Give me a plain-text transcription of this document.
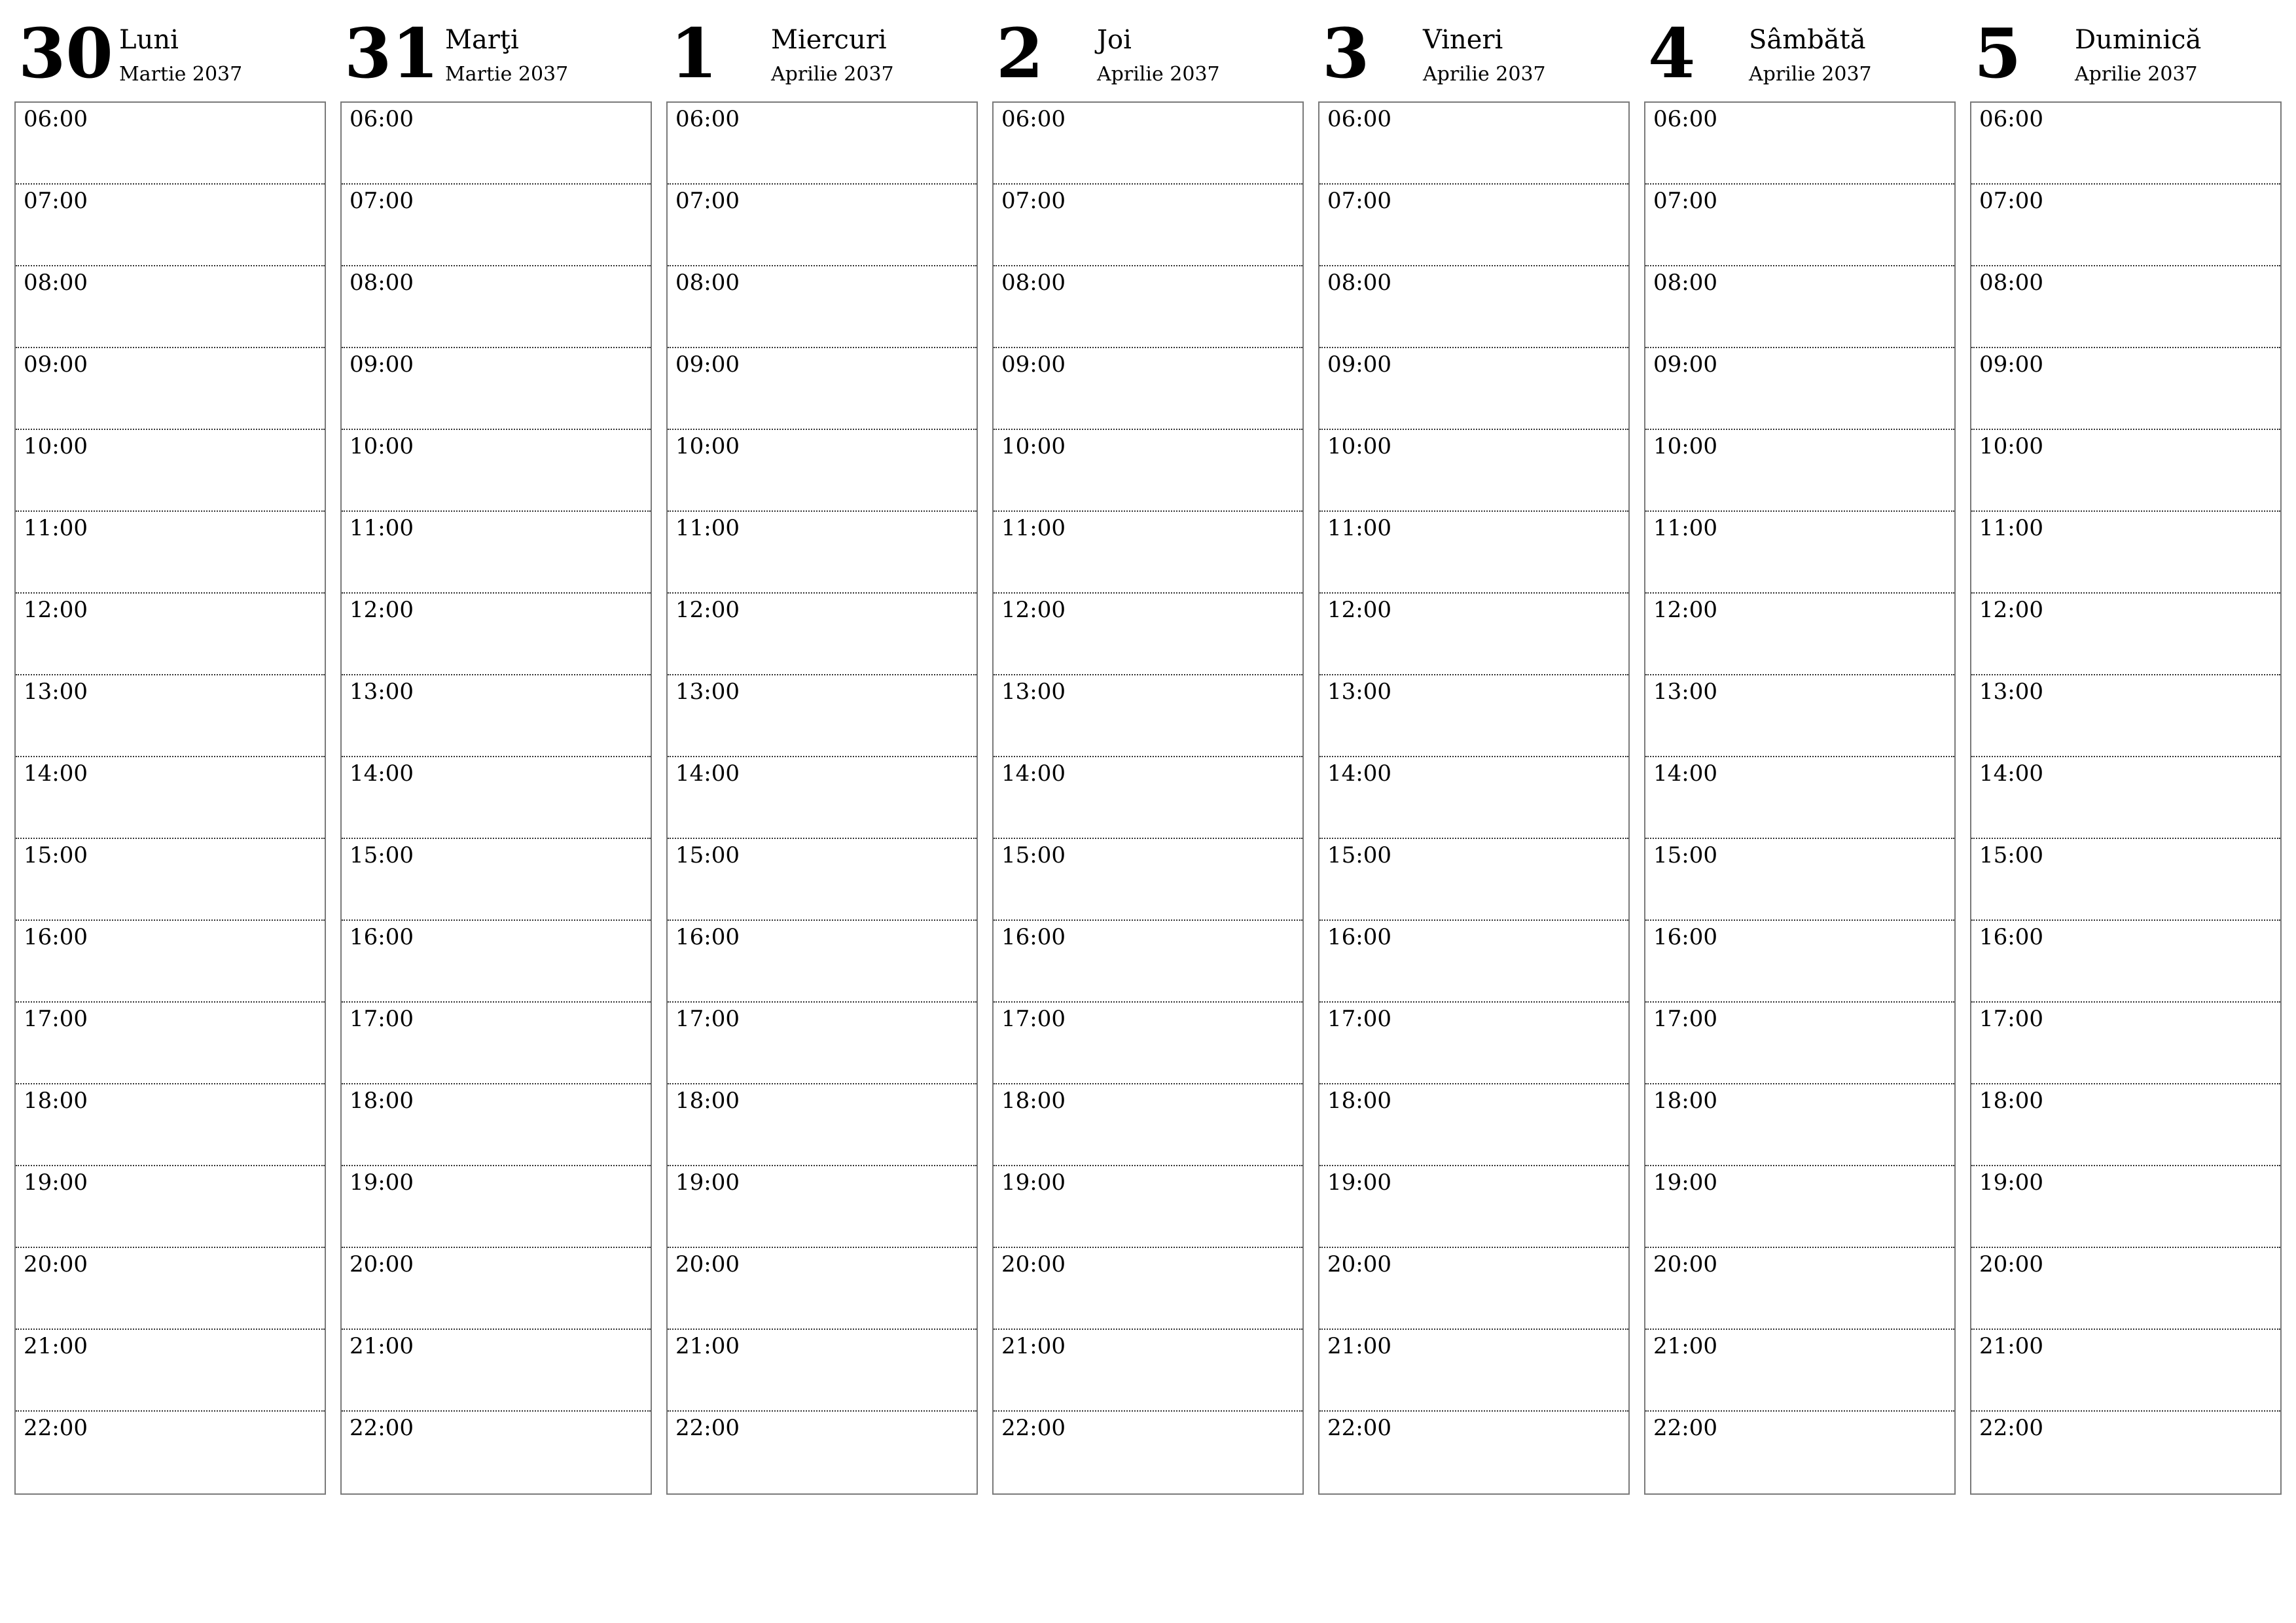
30 Luni
Martie 2037
06:00
07:00
08:00
09:00
10:00
11:00
12:00
13:00
14:00
15:00
16:00
17:00
18:00
19:00
20:00
21:00
22:00
31 Marţi
Martie 2037
06:00
07:00
08:00
09:00
10:00
11:00
12:00
13:00
14:00
15:00
16:00
17:00
18:00
19:00
20:00
21:00
22:00
1 Miercuri
Aprilie 2037
06:00
07:00
08:00
09:00
10:00
11:00
12:00
13:00
14:00
15:00
16:00
17:00
18:00
19:00
20:00
21:00
22:00
2 Joi
Aprilie 2037
06:00
07:00
08:00
09:00
10:00
11:00
12:00
13:00
14:00
15:00
16:00
17:00
18:00
19:00
20:00
21:00
22:00
3 Vineri
Aprilie 2037
06:00
07:00
08:00
09:00
10:00
11:00
12:00
13:00
14:00
15:00
16:00
17:00
18:00
19:00
20:00
21:00
22:00
4 Sâmbătă
Aprilie 2037
06:00
07:00
08:00
09:00
10:00
11:00
12:00
13:00
14:00
15:00
16:00
17:00
18:00
19:00
20:00
21:00
22:00
5 Duminică
Aprilie 2037
06:00
07:00
08:00
09:00
10:00
11:00
12:00
13:00
14:00
15:00
16:00
17:00
18:00
19:00
20:00
21:00
22:00
